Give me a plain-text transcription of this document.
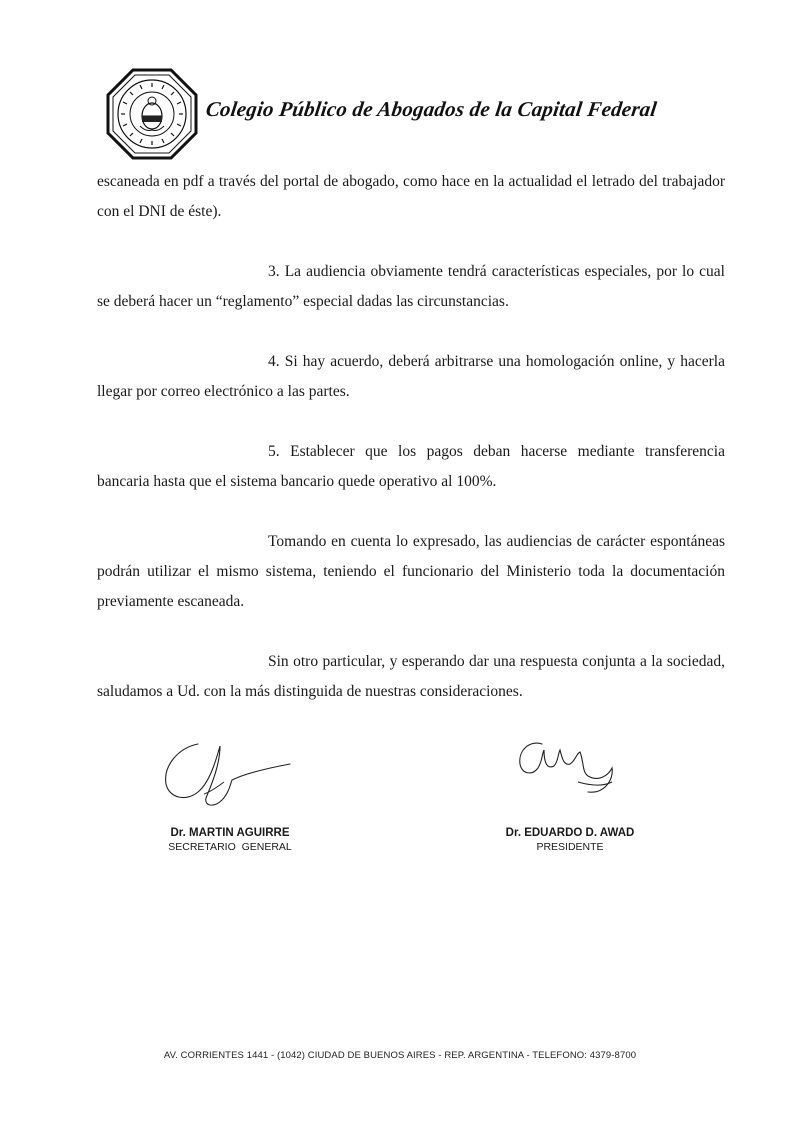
Colegio Público de Abogados de la Capital Federal

escaneada en pdf a través del portal de abogado, como hace en la actualidad el letrado del trabajador con el DNI de éste).

3. La audiencia obviamente tendrá características especiales, por lo cual se deberá hacer un “reglamento” especial dadas las circunstancias.

4. Si hay acuerdo, deberá arbitrarse una homologación online, y hacerla llegar por correo electrónico a las partes.

5. Establecer que los pagos deban hacerse mediante transferencia bancaria hasta que el sistema bancario quede operativo al 100%.

Tomando en cuenta lo expresado, las audiencias de carácter espontáneas podrán utilizar el mismo sistema, teniendo el funcionario del Ministerio toda la documentación previamente escaneada.

Sin otro particular, y esperando dar una respuesta conjunta a la sociedad, saludamos a Ud. con la más distinguida de nuestras consideraciones.

Dr. MARTIN AGUIRRE
SECRETARIO  GENERAL
Dr. EDUARDO D. AWAD
PRESIDENTE
AV. CORRIENTES 1441 - (1042) CIUDAD DE BUENOS AIRES - REP. ARGENTINA - TELEFONO: 4379-8700
